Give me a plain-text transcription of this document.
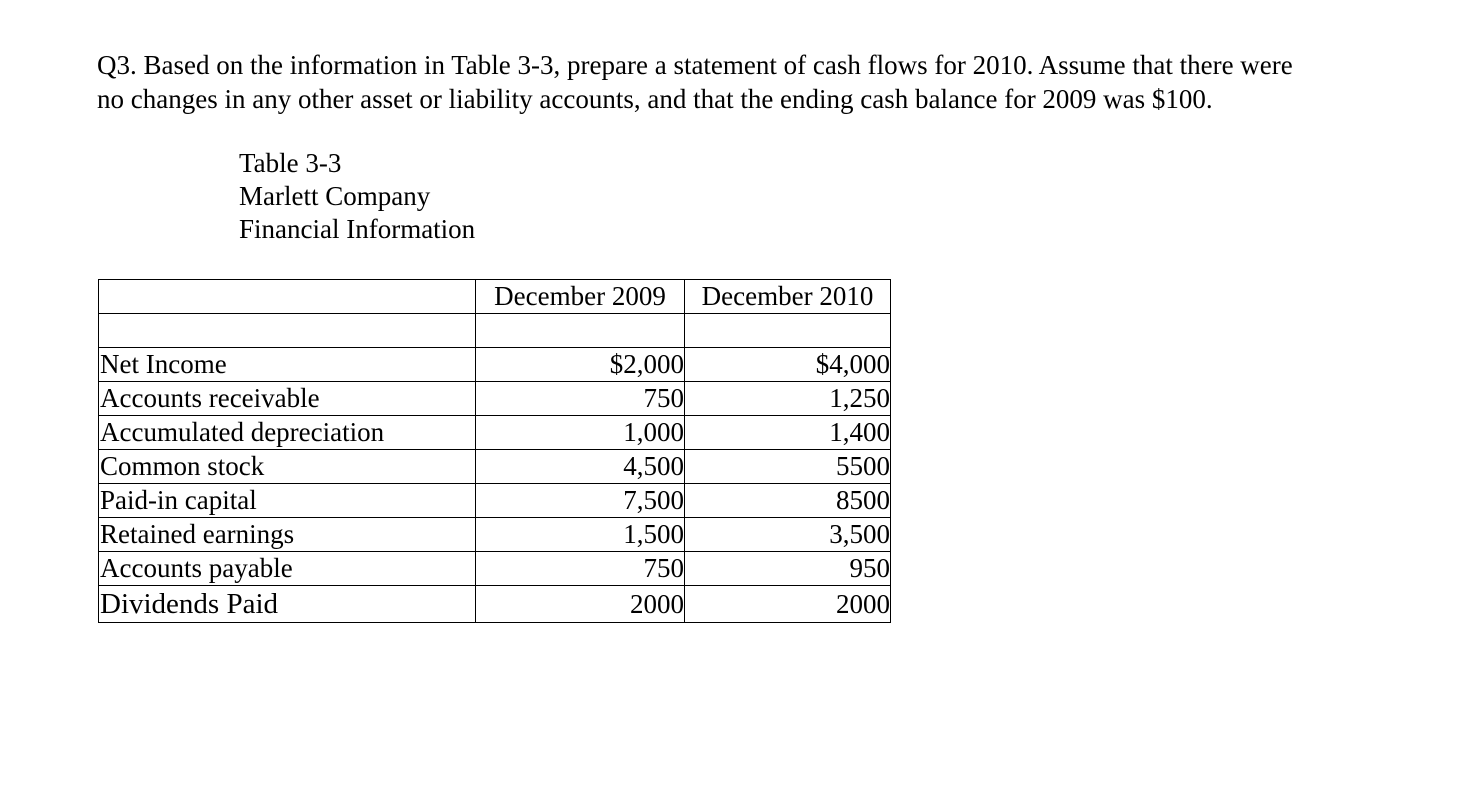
Q3. Based on the information in Table 3-3, prepare a statement of cash flows for 2010. Assume that there were

no changes in any other asset or liability accounts, and that the ending cash balance for 2009 was $100.

Table 3-3
Marlett Company
Financial Information
	December 2009	December 2010

Net Income	$2,000	$4,000
Accounts receivable	750	1,250
Accumulated depreciation	1,000	1,400
Common stock	4,500	5500
Paid-in capital	7,500	8500
Retained earnings	1,500	3,500
Accounts payable	750	950
Dividends Paid	2000	2000
